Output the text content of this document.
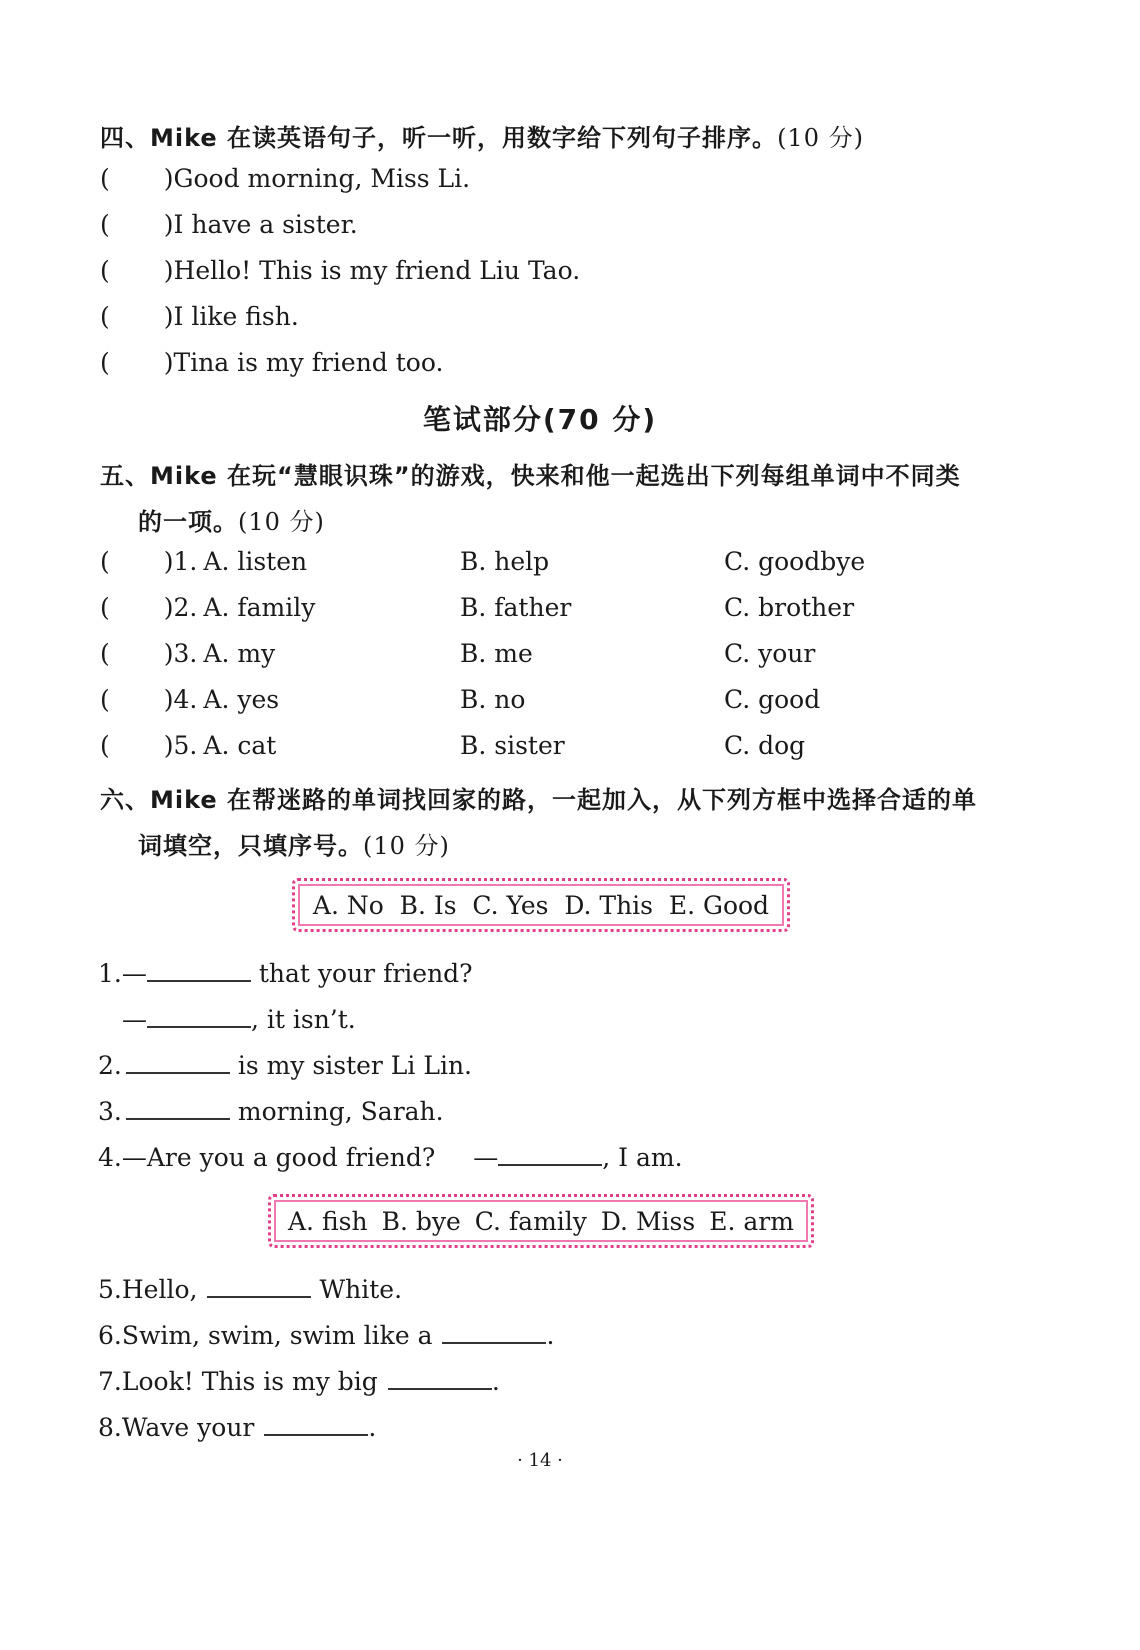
四、Mike 在读英语句子，听一听，用数字给下列句子排序。(10 分)
( )Good morning, Miss Li.
( )I have a sister.
( )Hello! This is my friend Liu Tao.
( )I like fish.
( )Tina is my friend too.
笔试部分(70 分)
五、Mike 在玩“慧眼识珠”的游戏，快来和他一起选出下列每组单词中不同类
的一项。(10 分)
( )1. A. listen	B. help	C. goodbye
( )2. A. family	B. father	C. brother
( )3. A. my	B. me	C. your
( )4. A. yes	B. no	C. good
( )5. A. cat	B. sister	C. dog
六、Mike 在帮迷路的单词找回家的路，一起加入，从下列方框中选择合适的单
词填空，只填序号。(10 分)
A. No B. Is C. Yes D. This E. Good
1.—	that your friend?
—	, it isn’t.
2.	is my sister Li Lin.
3.	morning, Sarah.
4.—Are you a good friend? —	, I am.
A. fish B. bye C. family D. Miss E. arm
5.Hello,	White.
6.Swim, swim, swim like a	.
7.Look! This is my big	.
8.Wave your	.
· 14 ·
